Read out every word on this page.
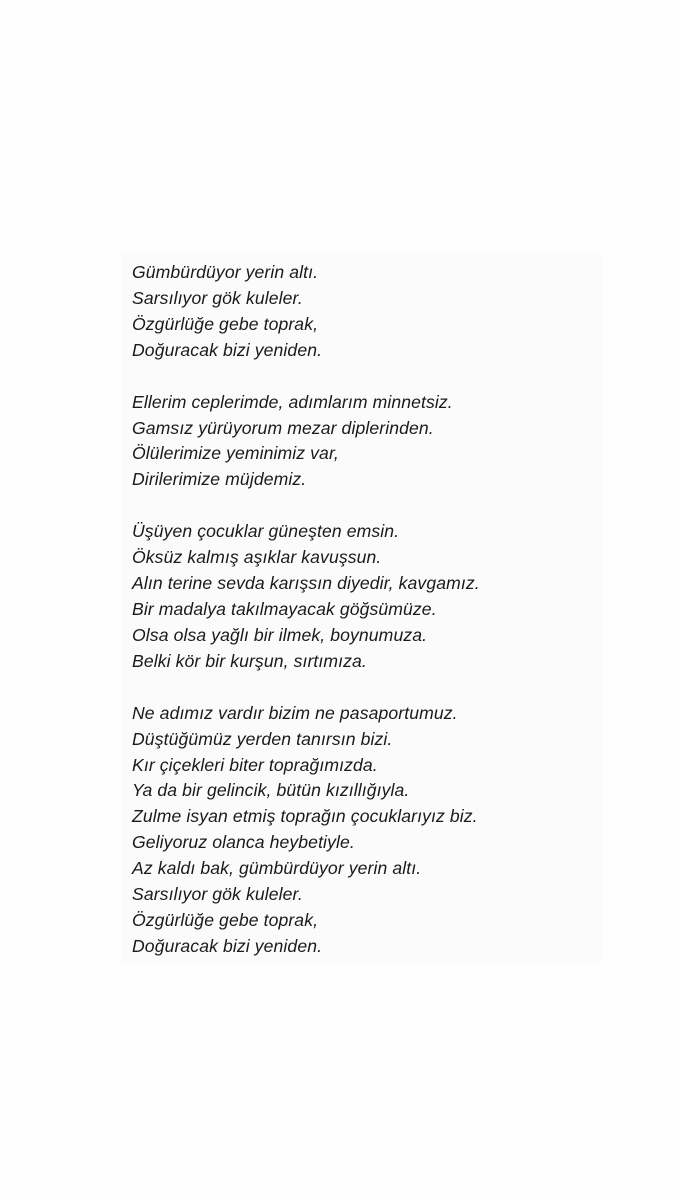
Gümbürdüyor yerin altı.
Sarsılıyor gök kuleler.
Özgürlüğe gebe toprak,
Doğuracak bizi yeniden.
Ellerim ceplerimde, adımlarım minnetsiz.
Gamsız yürüyorum mezar diplerinden.
Ölülerimize yeminimiz var,
Dirilerimize müjdemiz.
Üşüyen çocuklar güneşten emsin.
Öksüz kalmış aşıklar kavuşsun.
Alın terine sevda karışsın diyedir, kavgamız.
Bir madalya takılmayacak göğsümüze.
Olsa olsa yağlı bir ilmek, boynumuza.
Belki kör bir kurşun, sırtımıza.
Ne adımız vardır bizim ne pasaportumuz.
Düştüğümüz yerden tanırsın bizi.
Kır çiçekleri biter toprağımızda.
Ya da bir gelincik, bütün kızıllığıyla.
Zulme isyan etmiş toprağın çocuklarıyız biz.
Geliyoruz olanca heybetiyle.
Az kaldı bak, gümbürdüyor yerin altı.
Sarsılıyor gök kuleler.
Özgürlüğe gebe toprak,
Doğuracak bizi yeniden.
